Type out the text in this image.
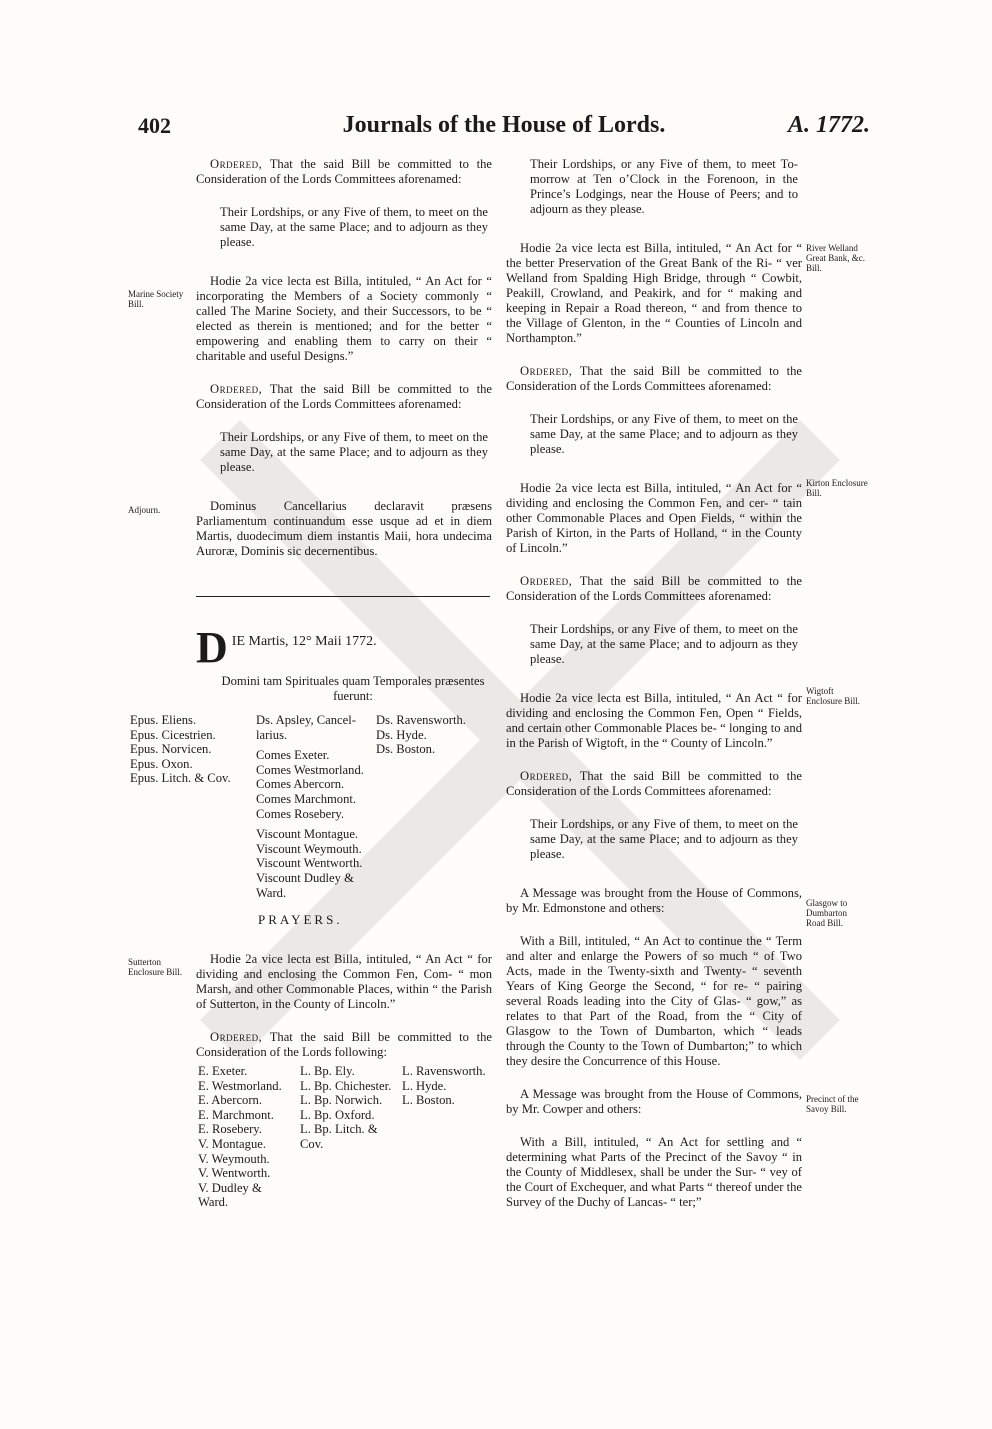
402	Journals of the House of Lords.	A. 1772.

Ordered, That the said Bill be committed to the Consideration of the Lords Committees aforenamed:

Their Lordships, or any Five of them, to meet on the same Day, at the same Place; and to adjourn as they please.

Hodie 2a vice lecta est Billa, intituled, “ An Act for “ incorporating the Members of a Society commonly “ called The Marine Society, and their Successors, to be “ elected as therein is mentioned; and for the better “ empowering and enabling them to carry on their “ charitable and useful Designs.”

Ordered, That the said Bill be committed to the Consideration of the Lords Committees aforenamed:

Their Lordships, or any Five of them, to meet on the same Day, at the same Place; and to adjourn as they please.

Dominus Cancellarius declaravit præsens Parliamentum continuandum esse usque ad et in diem Martis, duodecimum diem instantis Maii, hora undecima Auroræ, Dominis sic decernentibus.

Marine Society Bill.
Adjourn.
D IE Martis, 12° Maii 1772.

Domini tam Spirituales quam Temporales præsentes fuerunt:

Epus. Eliens.
Epus. Cicestrien.
Epus. Norvicen.
Epus. Oxon.
Epus. Litch. & Cov.
Ds. Apsley, Cancel-
larius.

Comes Exeter.
Comes Westmorland.
Comes Abercorn.
Comes Marchmont.
Comes Rosebery.

Viscount Montague.
Viscount Weymouth.
Viscount Wentworth.
Viscount Dudley &
Ward.
Ds. Ravensworth.
Ds. Hyde.
Ds. Boston.
PRAYERS.
Sutterton Enclosure Bill.

Hodie 2a vice lecta est Billa, intituled, “ An Act “ for dividing and enclosing the Common Fen, Com- “ mon Marsh, and other Commonable Places, within “ the Parish of Sutterton, in the County of Lincoln.”

Ordered, That the said Bill be committed to the Consideration of the Lords following:

E. Exeter.
E. Westmorland.
E. Abercorn.
E. Marchmont.
E. Rosebery.
V. Montague.
V. Weymouth.
V. Wentworth.
V. Dudley &
Ward.
L. Bp. Ely.
L. Bp. Chichester.
L. Bp. Norwich.
L. Bp. Oxford.
L. Bp. Litch. &
Cov.
L. Ravensworth.
L. Hyde.
L. Boston.

Their Lordships, or any Five of them, to meet To-morrow at Ten o’Clock in the Forenoon, in the Prince’s Lodgings, near the House of Peers; and to adjourn as they please.

Hodie 2a vice lecta est Billa, intituled, “ An Act for “ the better Preservation of the Great Bank of the Ri- “ ver Welland from Spalding High Bridge, through “ Cowbit, Peakill, Crowland, and Peakirk, and for “ making and keeping in Repair a Road thereon, “ and from thence to the Village of Glenton, in the “ Counties of Lincoln and Northampton.”

Ordered, That the said Bill be committed to the Consideration of the Lords Committees aforenamed:

Their Lordships, or any Five of them, to meet on the same Day, at the same Place; and to adjourn as they please.

Hodie 2a vice lecta est Billa, intituled, “ An Act for “ dividing and enclosing the Common Fen, and cer- “ tain other Commonable Places and Open Fields, “ within the Parish of Kirton, in the Parts of Holland, “ in the County of Lincoln.”

Ordered, That the said Bill be committed to the Consideration of the Lords Committees aforenamed:

Their Lordships, or any Five of them, to meet on the same Day, at the same Place; and to adjourn as they please.

Hodie 2a vice lecta est Billa, intituled, “ An Act “ for dividing and enclosing the Common Fen, Open “ Fields, and certain other Commonable Places be- “ longing to and in the Parish of Wigtoft, in the “ County of Lincoln.”

Ordered, That the said Bill be committed to the Consideration of the Lords Committees aforenamed:

Their Lordships, or any Five of them, to meet on the same Day, at the same Place; and to adjourn as they please.

A Message was brought from the House of Commons, by Mr. Edmonstone and others:

With a Bill, intituled, “ An Act to continue the “ Term and alter and enlarge the Powers of so much “ of Two Acts, made in the Twenty-sixth and Twenty- “ seventh Years of King George the Second, “ for re- “ pairing several Roads leading into the City of Glas- “ gow,” as relates to that Part of the Road, from the “ City of Glasgow to the Town of Dumbarton, which “ leads through the County to the Town of Dumbarton;” to which they desire the Concurrence of this House.

A Message was brought from the House of Commons, by Mr. Cowper and others:

With a Bill, intituled, “ An Act for settling and “ determining what Parts of the Precinct of the Savoy “ in the County of Middlesex, shall be under the Sur- “ vey of the Court of Exchequer, and what Parts “ thereof under the Survey of the Duchy of Lancas- “ ter;”

River Welland Great Bank, &c. Bill.
Kirton Enclosure Bill.
Wigtoft Enclosure Bill.
Glasgow to Dumbarton Road Bill.
Precinct of the Savoy Bill.
